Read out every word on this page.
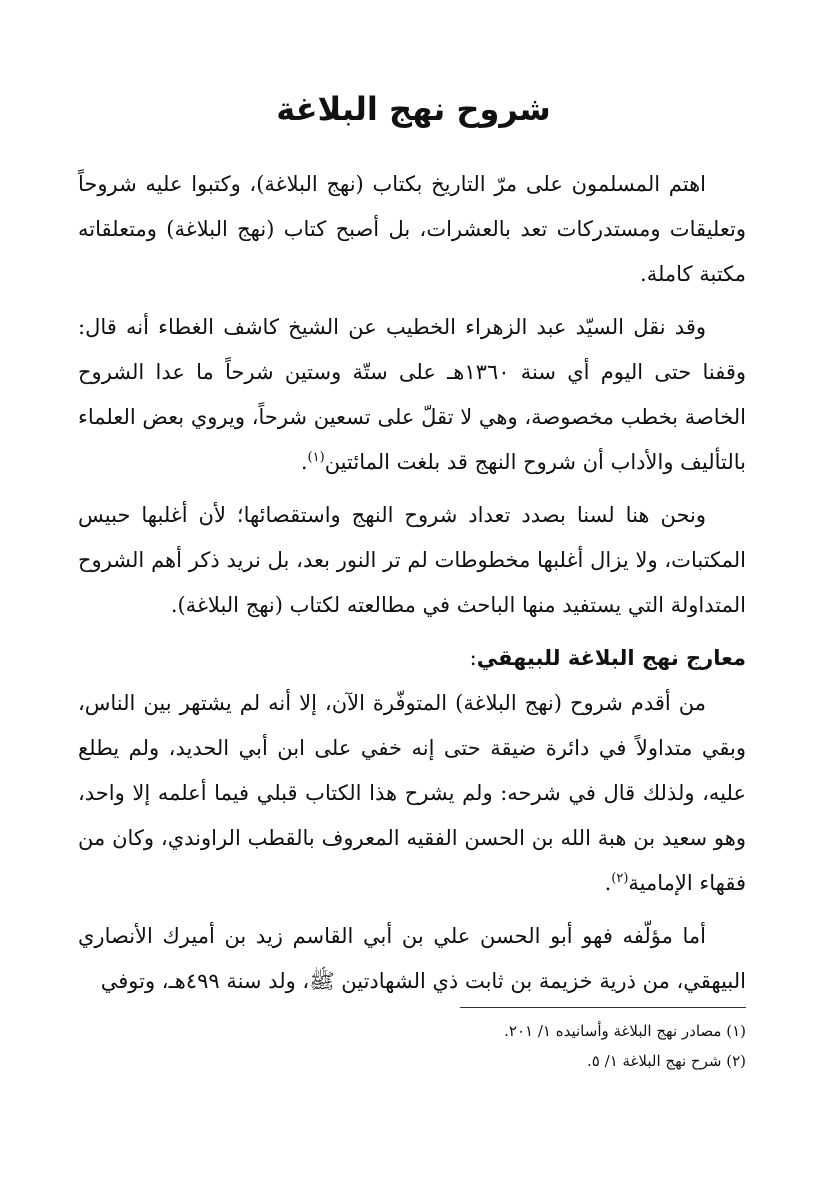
شروح نهج البلاغة

اهتم المسلمون على مرّ التاريخ بكتاب (نهج البلاغة)، وكتبوا عليه شروحاً وتعليقات ومستدركات تعد بالعشرات، بل أصبح كتاب (نهج البلاغة) ومتعلقاته مكتبة كاملة.

وقد نقل السيّد عبد الزهراء الخطيب عن الشيخ كاشف الغطاء أنه قال: وقفنا حتى اليوم أي سنة ١٣٦٠هـ على ستّة وستين شرحاً ما عدا الشروح الخاصة بخطب مخصوصة، وهي لا تقلّ على تسعين شرحاً، ويروي بعض العلماء بالتأليف والأداب أن شروح النهج قد بلغت المائتين$^{(١)}$.

ونحن هنا لسنا بصدد تعداد شروح النهج واستقصائها؛ لأن أغلبها حبيس المكتبات، ولا يزال أغلبها مخطوطات لم تر النور بعد، بل نريد ذكر أهم الشروح المتداولة التي يستفيد منها الباحث في مطالعته لكتاب (نهج البلاغة).

معارج نهج البلاغة للبيهقي:

من أقدم شروح (نهج البلاغة) المتوفّرة الآن، إلا أنه لم يشتهر بين الناس، وبقي متداولاً في دائرة ضيقة حتى إنه خفي على ابن أبي الحديد، ولم يطلع عليه، ولذلك قال في شرحه: ولم يشرح هذا الكتاب قبلي فيما أعلمه إلا واحد، وهو سعيد بن هبة الله بن الحسن الفقيه المعروف بالقطب الراوندي، وكان من فقهاء الإمامية$^{(٢)}$.

أما مؤلّفه فهو أبو الحسن علي بن أبي القاسم زيد بن أميرك الأنصاري البيهقي، من ذرية خزيمة بن ثابت ذي الشهادتين ﷺ، ولد سنة ٤٩٩هـ، وتوفي

(١) مصادر نهج البلاغة وأسانيده ١/ ٢٠١.

(٢) شرح نهج البلاغة ١/ ٥.
